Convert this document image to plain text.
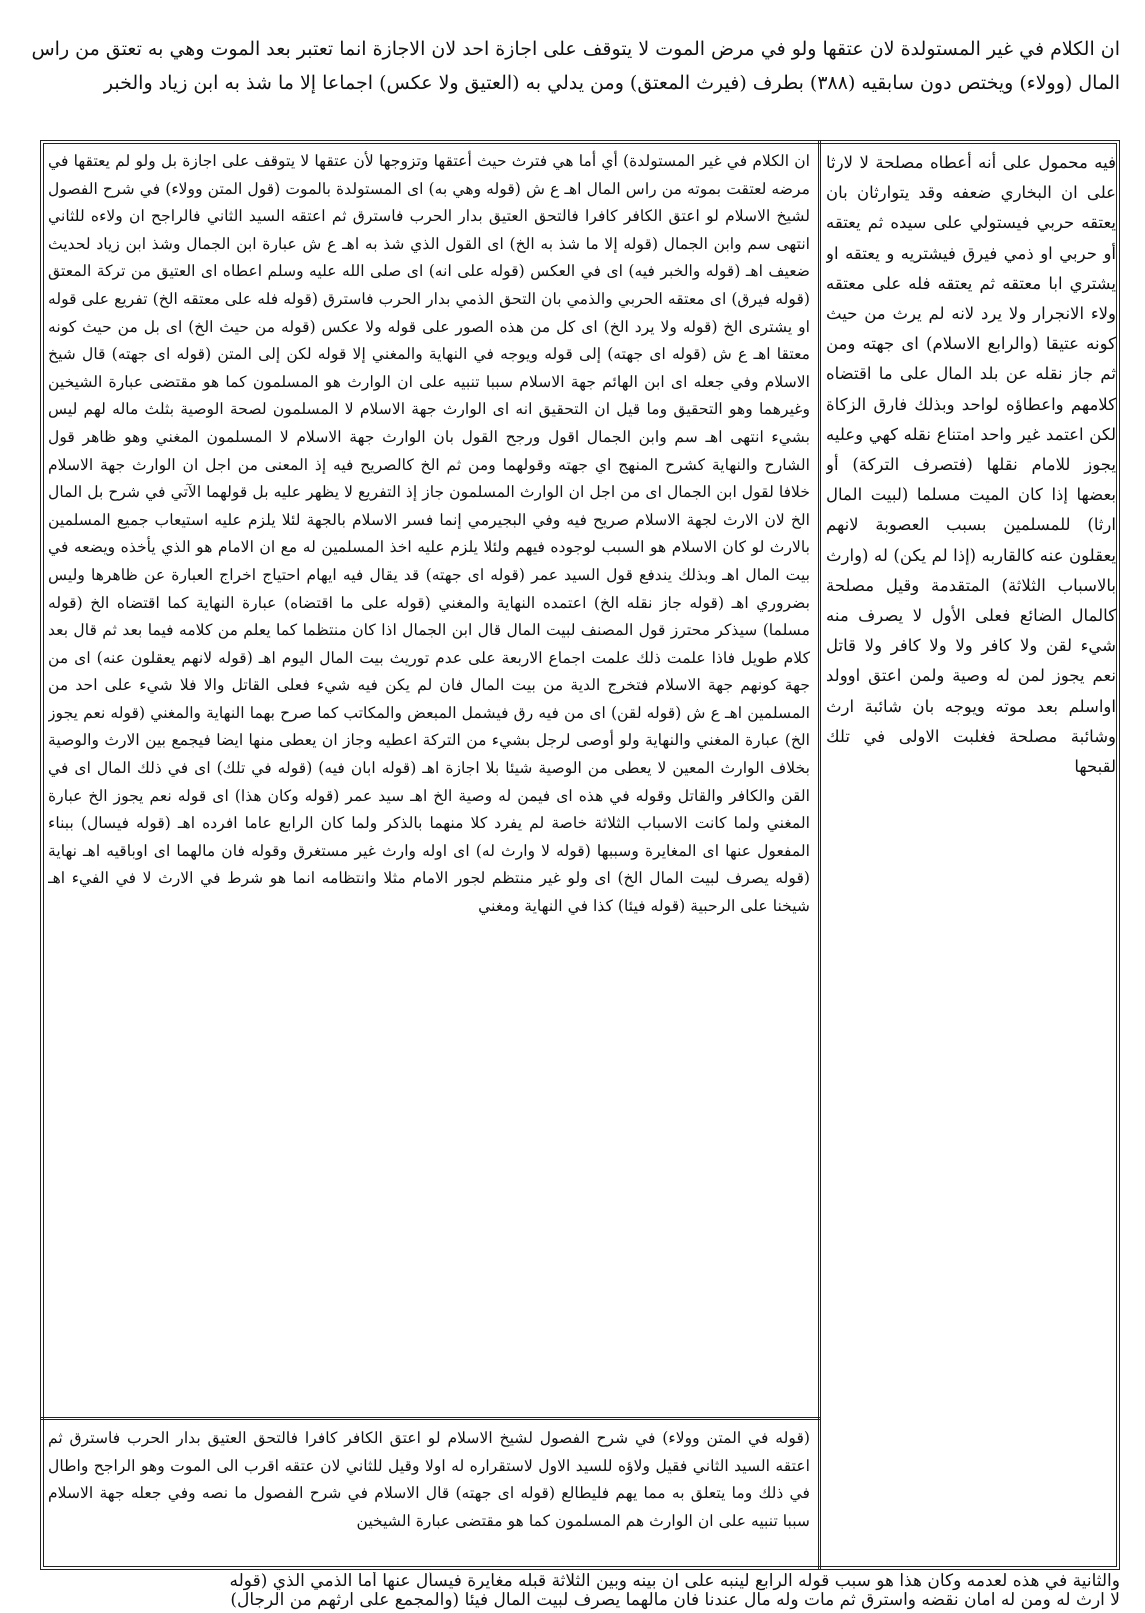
ان الكلام في غير المستولدة لان عتقها ولو في مرض الموت لا يتوقف على اجازة احد لان الاجازة انما تعتبر بعد الموت وهي به تعتق من راس
المال (وولاء) ويختص دون سابقيه (٣٨٨) بطرف (فيرث المعتق) ومن يدلي به (العتيق ولا عكس) اجماعا إلا ما شذ به ابن زياد والخبر

ان الكلام في غير المستولدة) أي أما هي فترث حيث أعتقها وتزوجها لأن عتقها لا يتوقف على اجازة بل ولو لم يعتقها في مرضه لعتقت بموته من راس المال اهـ ع ش (قوله وهي به) اى المستولدة بالموت (قول المتن وولاء) في شرح الفصول لشيخ الاسلام لو اعتق الكافر كافرا فالتحق العتيق بدار الحرب فاسترق ثم اعتقه السيد الثاني فالراجح ان ولاءه للثاني انتهى سم وابن الجمال (قوله إلا ما شذ به الخ) اى القول الذي شذ به اهـ ع ش عبارة ابن الجمال وشذ ابن زياد لحديث ضعيف اهـ (قوله والخبر فيه) اى في العكس (قوله على انه) اى صلى الله عليه وسلم اعطاه اى العتيق من تركة المعتق (قوله فيرق) اى معتقه الحربي والذمي بان التحق الذمي بدار الحرب فاسترق (قوله فله على معتقه الخ) تفريع على قوله او يشترى الخ (قوله ولا يرد الخ) اى كل من هذه الصور على قوله ولا عكس (قوله من حيث الخ) اى بل من حيث كونه معتقا اهـ ع ش (قوله اى جهته) إلى قوله ويوجه في النهاية والمغني إلا قوله لكن إلى المتن (قوله اى جهته) قال شيخ الاسلام وفي جعله اى ابن الهائم جهة الاسلام سببا تنبيه على ان الوارث هو المسلمون كما هو مقتضى عبارة الشيخين وغيرهما وهو التحقيق وما قيل ان التحقيق انه اى الوارث جهة الاسلام لا المسلمون لصحة الوصية بثلث ماله لهم ليس بشيء انتهى اهـ سم وابن الجمال اقول ورجح القول بان الوارث جهة الاسلام لا المسلمون المغني وهو ظاهر قول الشارح والنهاية كشرح المنهج اي جهته وقولهما ومن ثم الخ كالصريح فيه إذ المعنى من اجل ان الوارث جهة الاسلام خلافا لقول ابن الجمال اى من اجل ان الوارث المسلمون جاز إذ التفريع لا يظهر عليه بل قولهما الآتي في شرح بل المال الخ لان الارث لجهة الاسلام صريح فيه وفي البجيرمي إنما فسر الاسلام بالجهة لئلا يلزم عليه استيعاب جميع المسلمين بالارث لو كان الاسلام هو السبب لوجوده فيهم ولئلا يلزم عليه اخذ المسلمين له مع ان الامام هو الذي يأخذه ويضعه في بيت المال اهـ وبذلك يندفع قول السيد عمر (قوله اى جهته) قد يقال فيه ايهام احتياج اخراج العبارة عن ظاهرها وليس بضروري اهـ (قوله جاز نقله الخ) اعتمده النهاية والمغني (قوله على ما اقتضاه) عبارة النهاية كما اقتضاه الخ (قوله مسلما) سيذكر محترز قول المصنف لبيت المال قال ابن الجمال اذا كان منتظما كما يعلم من كلامه فيما بعد ثم قال بعد كلام طويل فاذا علمت ذلك علمت اجماع الاربعة على عدم توريث بيت المال اليوم اهـ (قوله لانهم يعقلون عنه) اى من جهة كونهم جهة الاسلام فتخرج الدية من بيت المال فان لم يكن فيه شيء فعلى القاتل والا فلا شيء على احد من المسلمين اهـ ع ش (قوله لقن) اى من فيه رق فيشمل المبعض والمكاتب كما صرح بهما النهاية والمغني (قوله نعم يجوز الخ) عبارة المغني والنهاية ولو أوصى لرجل بشيء من التركة اعطيه وجاز ان يعطى منها ايضا فيجمع بين الارث والوصية بخلاف الوارث المعين لا يعطى من الوصية شيئا بلا اجازة اهـ (قوله ابان فيه) (قوله في تلك) اى في ذلك المال اى في القن والكافر والقاتل وقوله في هذه اى فيمن له وصية الخ اهـ سيد عمر (قوله وكان هذا) اى قوله نعم يجوز الخ عبارة المغني ولما كانت الاسباب الثلاثة خاصة لم يفرد كلا منهما بالذكر ولما كان الرابع عاما افرده اهـ (قوله فيسال) ببناء المفعول عنها اى المغايرة وسببها (قوله لا وارث له) اى اوله وارث غير مستغرق وقوله فان مالهما اى اوباقيه اهـ نهاية (قوله يصرف لبيت المال الخ) اى ولو غير منتظم لجور الامام مثلا وانتظامه انما هو شرط في الارث لا في الفيء اهـ شيخنا على الرحبية (قوله فيئا) كذا في النهاية ومغني

(قوله في المتن وولاء) في شرح الفصول لشيخ الاسلام لو اعتق الكافر كافرا فالتحق العتيق بدار الحرب فاسترق ثم اعتقه السيد الثاني فقيل ولاؤه للسيد الاول لاستقراره له اولا وقيل للثاني لان عتقه اقرب الى الموت وهو الراجح واطال في ذلك وما يتعلق به مما يهم فليطالع (قوله اى جهته) قال الاسلام في شرح الفصول ما نصه وفي جعله جهة الاسلام سببا تنبيه على ان الوارث هم المسلمون كما هو مقتضى عبارة الشيخين

فيه محمول على أنه أعطاه مصلحة لا لارثا على ان البخاري ضعفه وقد يتوارثان بان يعتقه حربي فيستولي على سيده ثم يعتقه أو حربي او ذمي فيرق فيشتريه و يعتقه او يشتري ابا معتقه ثم يعتقه فله على معتقه ولاء الانجرار ولا يرد لانه لم يرث من حيث كونه عتيقا (والرابع الاسلام) اى جهته ومن ثم جاز نقله عن بلد المال على ما اقتضاه كلامهم واعطاؤه لواحد وبذلك فارق الزكاة لكن اعتمد غير واحد امتناع نقله كهي وعليه يجوز للامام نقلها (فتصرف التركة) أو بعضها إذا كان الميت مسلما (لبيت المال ارثا) للمسلمين بسبب العصوبة لانهم يعقلون عنه كالقاربه (إذا لم يكن) له (وارث بالاسباب الثلاثة) المتقدمة وقيل مصلحة كالمال الضائع فعلى الأول لا يصرف منه شيء لقن ولا كافر ولا ولا كافر ولا قاتل نعم يجوز لمن له وصية ولمن اعتق اوولد اواسلم بعد موته ويوجه بان شائبة ارث وشائبة مصلحة فغلبت الاولى في تلك لقبحها

والثانية في هذه لعدمه وكان هذا هو سبب قوله الرابع لينبه على ان بينه وبين الثلاثة قبله مغايرة فيسأل عنها أما الذمي الذي (قوله

لا ارث له ومن له امان نقضه واسترق ثم مات وله مال عندنا فان مالهما يصرف لبيت المال فيئا (والمجمع على ارثهم من الرجال)
